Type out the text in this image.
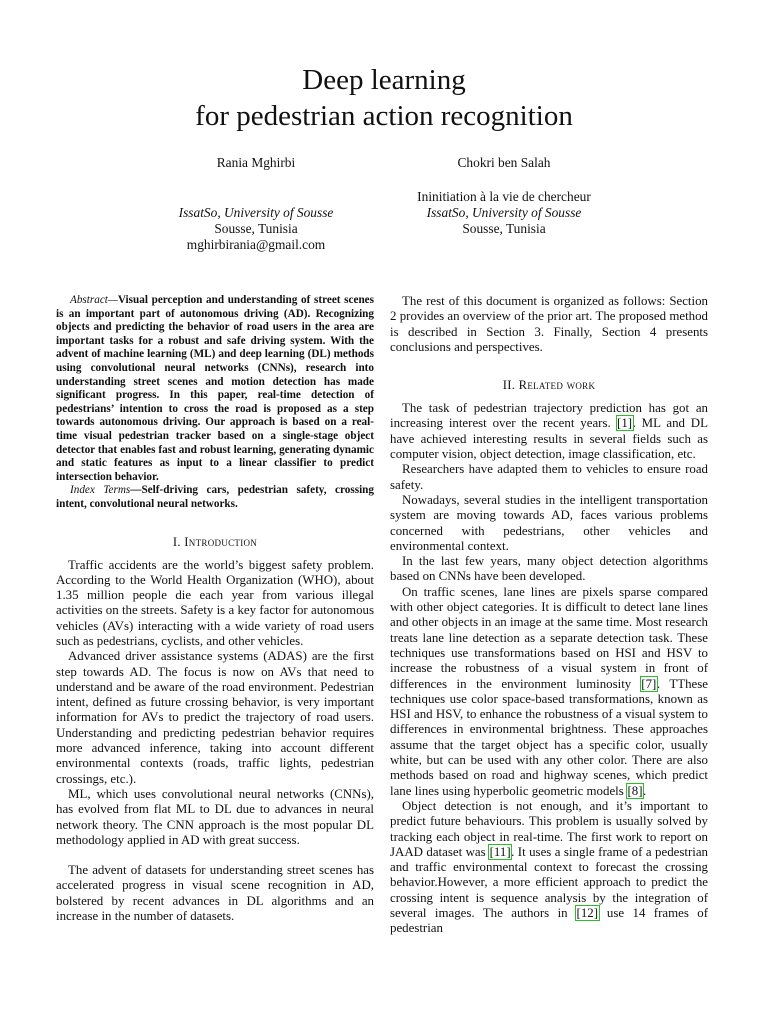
Deep learning
for pedestrian action recognition
Rania Mghirbi
IssatSo, University of Sousse
Sousse, Tunisia
mghirbirania@gmail.com
Chokri ben Salah
Ininitiation à la vie de chercheur
IssatSo, University of Sousse
Sousse, Tunisia

Abstract—Visual perception and understanding of street scenes is an important part of autonomous driving (AD). Recognizing objects and predicting the behavior of road users in the area are important tasks for a robust and safe driving system. With the advent of machine learning (ML) and deep learning (DL) methods using convolutional neural networks (CNNs), research into understanding street scenes and motion detection has made significant progress. In this paper, real-time detection of pedestrians’ intention to cross the road is proposed as a step towards autonomous driving. Our approach is based on a real-time visual pedestrian tracker based on a single-stage object detector that enables fast and robust learning, generating dynamic and static features as input to a linear classifier to predict intersection behavior.

Index Terms—Self-driving cars, pedestrian safety, crossing intent, convolutional neural networks.

I. Introduction

Traffic accidents are the world’s biggest safety problem. According to the World Health Organization (WHO), about 1.35 million people die each year from various illegal activities on the streets. Safety is a key factor for autonomous vehicles (AVs) interacting with a wide variety of road users such as pedestrians, cyclists, and other vehicles.

Advanced driver assistance systems (ADAS) are the first step towards AD. The focus is now on AVs that need to understand and be aware of the road environment. Pedestrian intent, defined as future crossing behavior, is very important information for AVs to predict the trajectory of road users. Understanding and predicting pedestrian behavior requires more advanced inference, taking into account different environmental contexts (roads, traffic lights, pedestrian crossings, etc.).

ML, which uses convolutional neural networks (CNNs), has evolved from flat ML to DL due to advances in neural network theory. The CNN approach is the most popular DL methodology applied in AD with great success.

The advent of datasets for understanding street scenes has accelerated progress in visual scene recognition in AD, bolstered by recent advances in DL algorithms and an increase in the number of datasets.

The rest of this document is organized as follows: Section 2 provides an overview of the prior art. The proposed method is described in Section 3. Finally, Section 4 presents conclusions and perspectives.

II. Related work

The task of pedestrian trajectory prediction has got an increasing interest over the recent years. [1]. ML and DL have achieved interesting results in several fields such as computer vision, object detection, image classification, etc.

Researchers have adapted them to vehicles to ensure road safety.

Nowadays, several studies in the intelligent transportation system are moving towards AD, faces various problems concerned with pedestrians, other vehicles and environmental context.

In the last few years, many object detection algorithms based on CNNs have been developed.

On traffic scenes, lane lines are pixels sparse compared with other object categories. It is difficult to detect lane lines and other objects in an image at the same time. Most research treats lane line detection as a separate detection task. These techniques use transformations based on HSI and HSV to increase the robustness of a visual system in front of differences in the environment luminosity [7]. TThese techniques use color space-based transformations, known as HSI and HSV, to enhance the robustness of a visual system to differences in environmental brightness. These approaches assume that the target object has a specific color, usually white, but can be used with any other color. There are also methods based on road and highway scenes, which predict lane lines using hyperbolic geometric models [8].

Object detection is not enough, and it’s important to predict future behaviours. This problem is usually solved by tracking each object in real-time. The first work to report on JAAD dataset was [11]. It uses a single frame of a pedestrian and traffic environmental context to forecast the crossing behavior.However, a more efficient approach to predict the crossing intent is sequence analysis by the integration of several images. The authors in [12] use 14 frames of pedestrian
